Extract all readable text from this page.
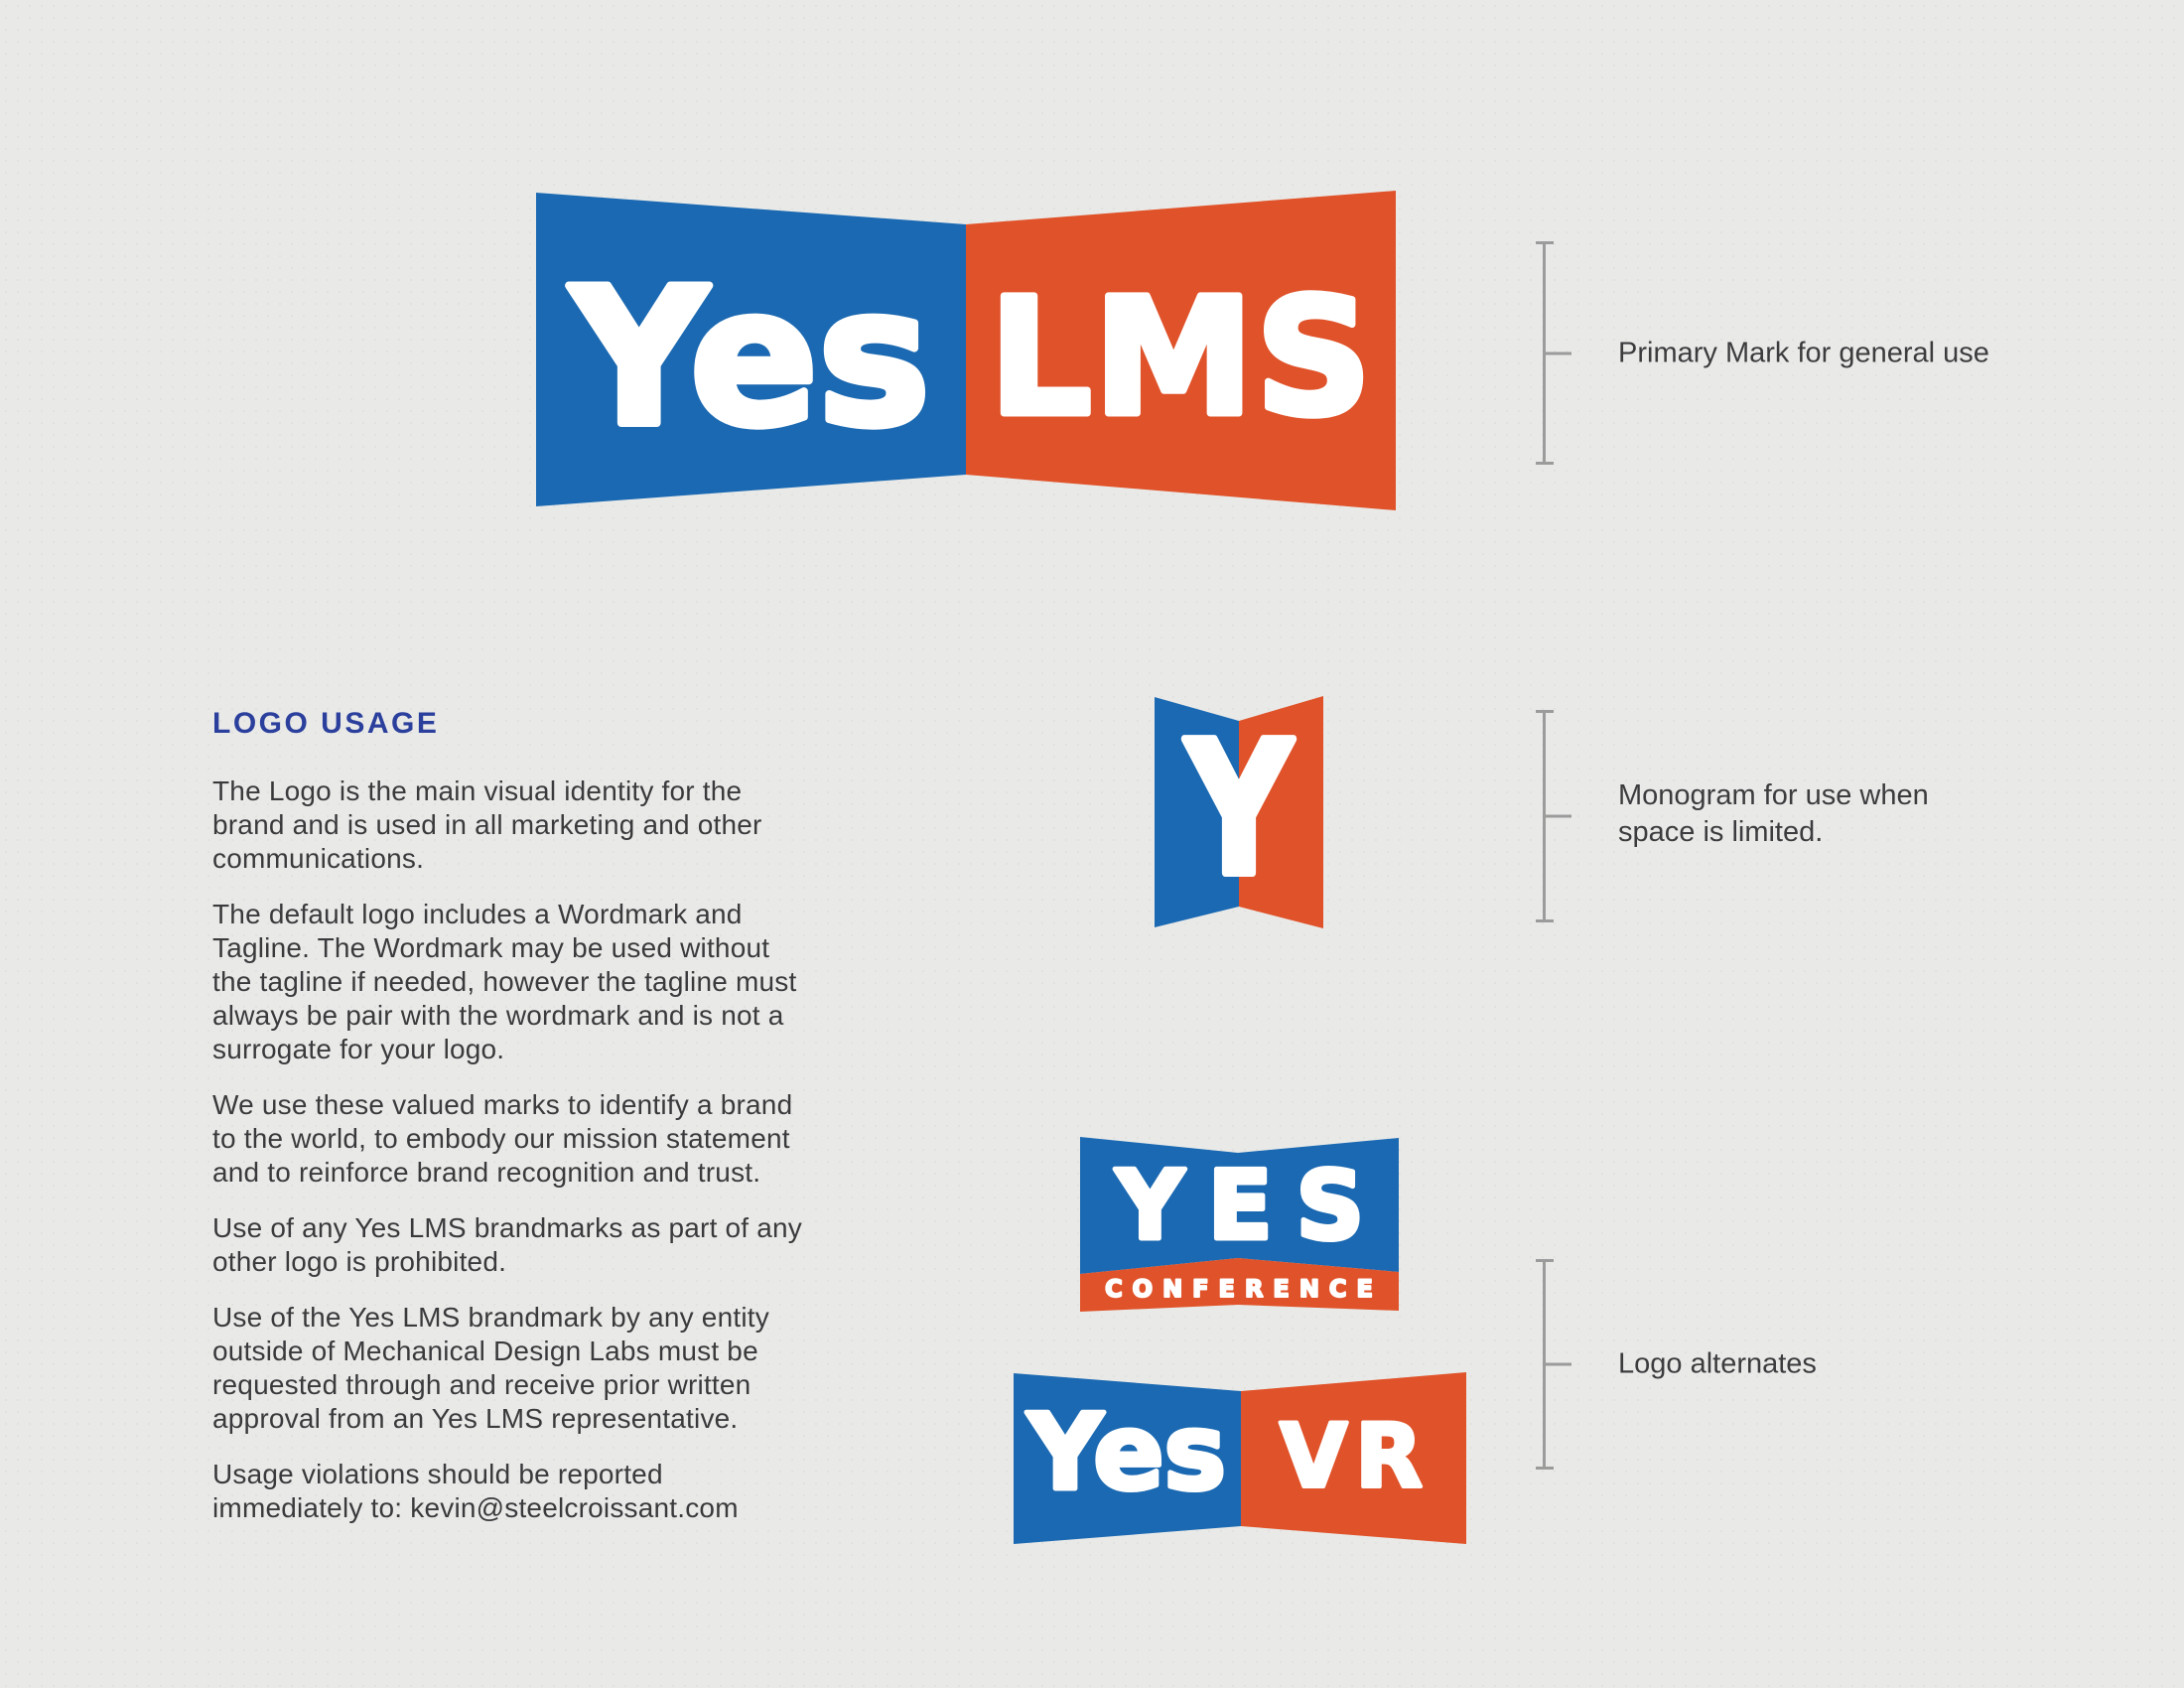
Yes LMS	Primary Mark for general use
LOGO USAGE
The Logo is the main visual identity for the
brand and is used in all marketing and other
communications.
The default logo includes a Wordmark and
Tagline. The Wordmark may be used without
the tagline if needed, however the tagline must
always be pair with the wordmark and is not a
surrogate for your logo.
We use these valued marks to identify a brand
to the world, to embody our mission statement
and to reinforce brand recognition and trust.
Use of any Yes LMS brandmarks as part of any
other logo is prohibited.
Use of the Yes LMS brandmark by any entity
outside of Mechanical Design Labs must be
requested through and receive prior written
approval from an Yes LMS representative.
Usage violations should be reported
immediately to: kevin@steelcroissant.com
Y	Monogram for use when
space is limited.
YES
CONFERENCE
Yes VR
Logo alternates
